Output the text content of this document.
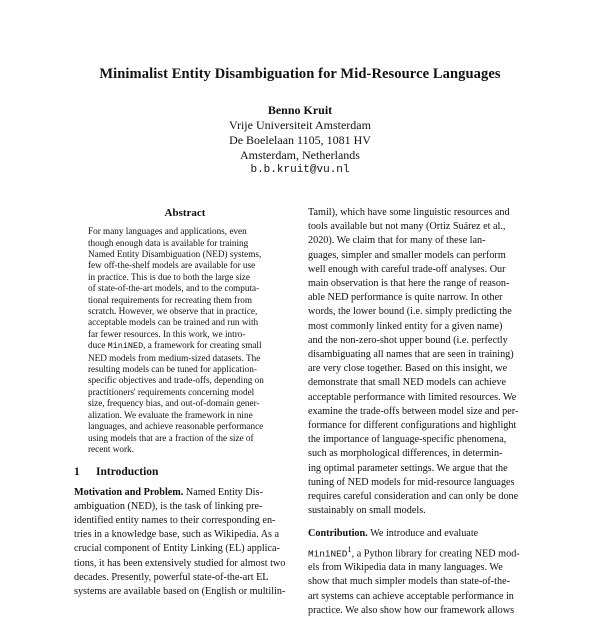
Minimalist Entity Disambiguation for Mid-Resource Languages
Benno Kruit
Vrije Universiteit Amsterdam
De Boelelaan 1105, 1081 HV
Amsterdam, Netherlands
b.b.kruit@vu.nl
Abstract
For many languages and applications, even
though enough data is available for training
Named Entity Disambiguation (NED) systems,
few off-the-shelf models are available for use
in practice. This is due to both the large size
of state-of-the-art models, and to the computa-
tional requirements for recreating them from
scratch. However, we observe that in practice,
acceptable models can be trained and run with
far fewer resources. In this work, we intro-
duce MiniNED, a framework for creating small
NED models from medium-sized datasets. The
resulting models can be tuned for application-
specific objectives and trade-offs, depending on
practitioners' requirements concerning model
size, frequency bias, and out-of-domain gener-
alization. We evaluate the framework in nine
languages, and achieve reasonable performance
using models that are a fraction of the size of
recent work.
1 Introduction
Motivation and Problem. Named Entity Dis-
ambiguation (NED), is the task of linking pre-
identified entity names to their corresponding en-
tries in a knowledge base, such as Wikipedia. As a
crucial component of Entity Linking (EL) applica-
tions, it has been extensively studied for almost two
decades. Presently, powerful state-of-the-art EL
systems are available based on (English or multilin-
Tamil), which have some linguistic resources and
tools available but not many (Ortiz Suárez et al.,
2020). We claim that for many of these lan-
guages, simpler and smaller models can perform
well enough with careful trade-off analyses. Our
main observation is that here the range of reason-
able NED performance is quite narrow. In other
words, the lower bound (i.e. simply predicting the
most commonly linked entity for a given name)
and the non-zero-shot upper bound (i.e. perfectly
disambiguating all names that are seen in training)
are very close together. Based on this insight, we
demonstrate that small NED models can achieve
acceptable performance with limited resources. We
examine the trade-offs between model size and per-
formance for different configurations and highlight
the importance of language-specific phenomena,
such as morphological differences, in determin-
ing optimal parameter settings. We argue that the
tuning of NED models for mid-resource languages
requires careful consideration and can only be done
sustainably on small models.
Contribution. We introduce and evaluate
MiniNED$^1$, a Python library for creating NED mod-
els from Wikipedia data in many languages. We
show that much simpler models than state-of-the-
art systems can achieve acceptable performance in
practice. We also show how our framework allows
